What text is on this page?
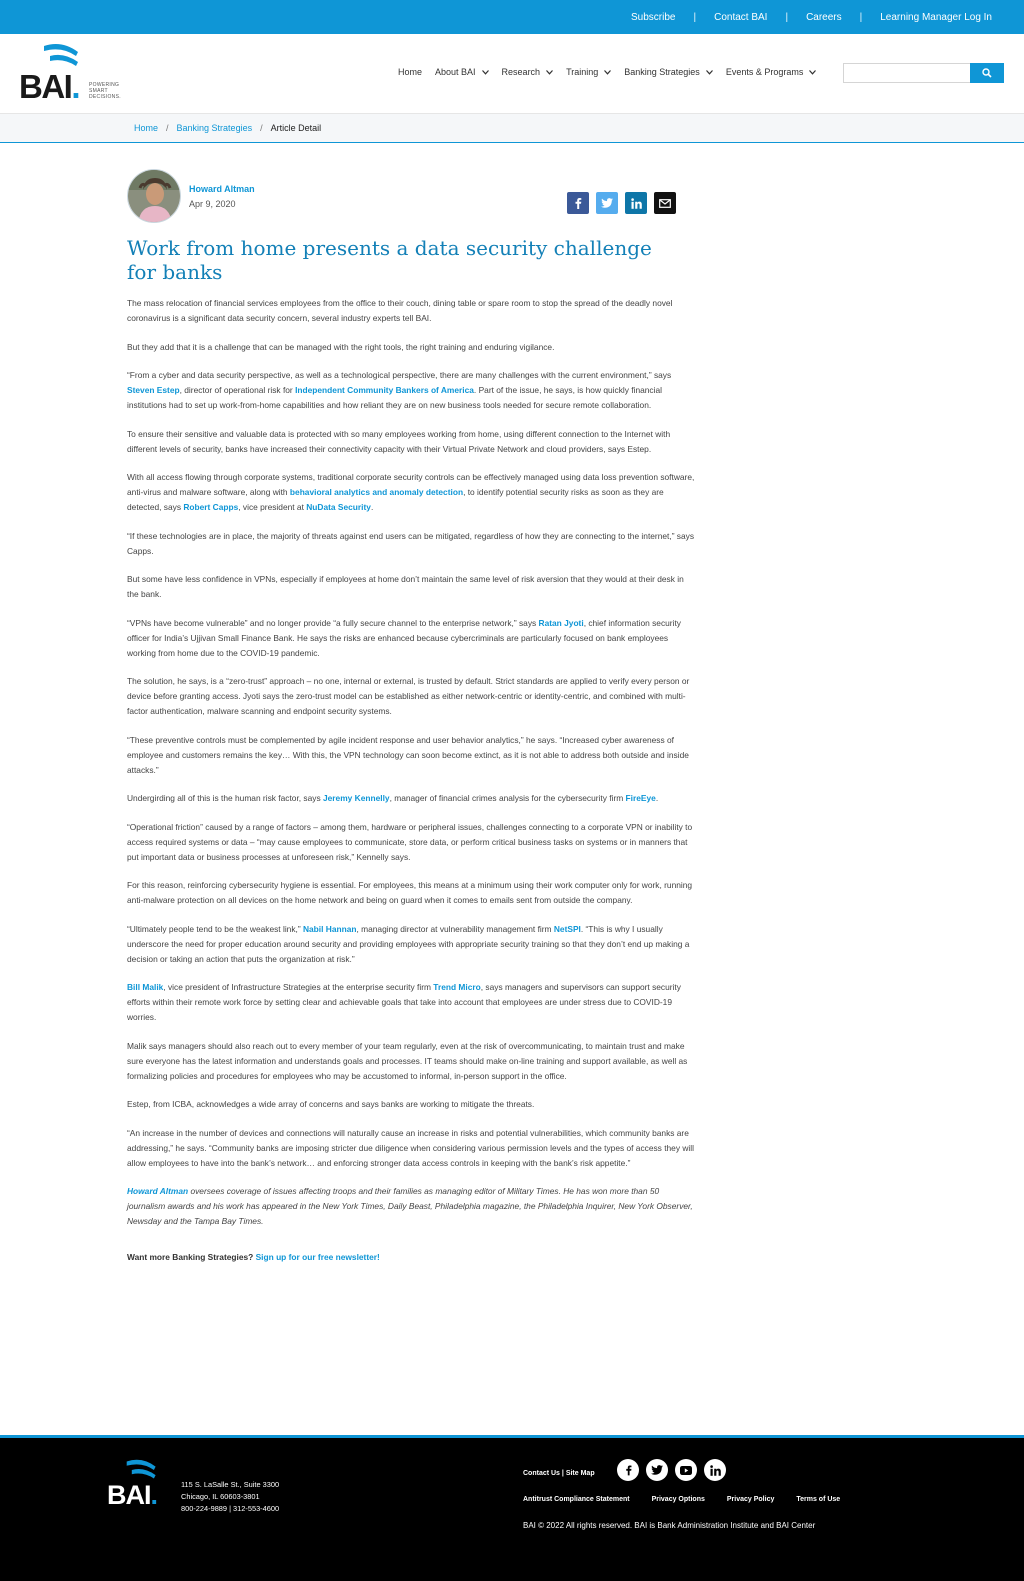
Subscribe | Contact BAI | Careers | Learning Manager Log In
BAI. POWERING
SMART
DECISIONS.
Home About BAI	Research	Training	Banking Strategies	Events & Programs
Home / Banking Strategies / Article Detail
Howard Altman
Apr 9, 2020
Work from home presents a data security challenge for banks

The mass relocation of financial services employees from the office to their couch, dining table or spare room to stop the spread of the deadly novel coronavirus is a significant data security concern, several industry experts tell BAI.

But they add that it is a challenge that can be managed with the right tools, the right training and enduring vigilance.

“From a cyber and data security perspective, as well as a technological perspective, there are many challenges with the current environment,” says Steven Estep, director of operational risk for Independent Community Bankers of America. Part of the issue, he says, is how quickly financial institutions had to set up work-from-home capabilities and how reliant they are on new business tools needed for secure remote collaboration.

To ensure their sensitive and valuable data is protected with so many employees working from home, using different connection to the Internet with different levels of security, banks have increased their connectivity capacity with their Virtual Private Network and cloud providers, says Estep.

With all access flowing through corporate systems, traditional corporate security controls can be effectively managed using data loss prevention software, anti-virus and malware software, along with behavioral analytics and anomaly detection, to identify potential security risks as soon as they are detected, says Robert Capps, vice president at NuData Security.

“If these technologies are in place, the majority of threats against end users can be mitigated, regardless of how they are connecting to the internet,” says Capps.

But some have less confidence in VPNs, especially if employees at home don’t maintain the same level of risk aversion that they would at their desk in the bank.

“VPNs have become vulnerable” and no longer provide “a fully secure channel to the enterprise network,” says Ratan Jyoti, chief information security officer for India’s Ujjivan Small Finance Bank. He says the risks are enhanced because cybercriminals are particularly focused on bank employees working from home due to the COVID-19 pandemic.

The solution, he says, is a “zero-trust” approach – no one, internal or external, is trusted by default. Strict standards are applied to verify every person or device before granting access. Jyoti says the zero-trust model can be established as either network-centric or identity-centric, and combined with multi-factor authentication, malware scanning and endpoint security systems.

“These preventive controls must be complemented by agile incident response and user behavior analytics,” he says. “Increased cyber awareness of employee and customers remains the key… With this, the VPN technology can soon become extinct, as it is not able to address both outside and inside attacks.”

Undergirding all of this is the human risk factor, says Jeremy Kennelly, manager of financial crimes analysis for the cybersecurity firm FireEye.

“Operational friction” caused by a range of factors – among them, hardware or peripheral issues, challenges connecting to a corporate VPN or inability to access required systems or data – “may cause employees to communicate, store data, or perform critical business tasks on systems or in manners that put important data or business processes at unforeseen risk,” Kennelly says.

For this reason, reinforcing cybersecurity hygiene is essential. For employees, this means at a minimum using their work computer only for work, running anti-malware protection on all devices on the home network and being on guard when it comes to emails sent from outside the company.

“Ultimately people tend to be the weakest link,” Nabil Hannan, managing director at vulnerability management firm NetSPI. “This is why I usually underscore the need for proper education around security and providing employees with appropriate security training so that they don’t end up making a decision or taking an action that puts the organization at risk.”

Bill Malik, vice president of Infrastructure Strategies at the enterprise security firm Trend Micro, says managers and supervisors can support security efforts within their remote work force by setting clear and achievable goals that take into account that employees are under stress due to COVID-19 worries.

Malik says managers should also reach out to every member of your team regularly, even at the risk of overcommunicating, to maintain trust and make sure everyone has the latest information and understands goals and processes. IT teams should make on-line training and support available, as well as formalizing policies and procedures for employees who may be accustomed to informal, in-person support in the office.

Estep, from ICBA, acknowledges a wide array of concerns and says banks are working to mitigate the threats.

“An increase in the number of devices and connections will naturally cause an increase in risks and potential vulnerabilities, which community banks are addressing,” he says. “Community banks are imposing stricter due diligence when considering various permission levels and the types of access they will allow employees to have into the bank’s network… and enforcing stronger data access controls in keeping with the bank’s risk appetite.”

Howard Altman oversees coverage of issues affecting troops and their families as managing editor of Military Times. He has won more than 50 journalism awards and his work has appeared in the New York Times, Daily Beast, Philadelphia magazine, the Philadelphia Inquirer, New York Observer, Newsday and the Tampa Bay Times.

Want more Banking Strategies? Sign up for our free newsletter!
BAI.	115 S. LaSalle St., Suite 3300
Chicago, IL 60603-3801
800-224-9889 | 312-553-4600
Contact Us | Site Map
Antitrust Compliance Statement	Privacy Options	Privacy Policy	Terms of Use
BAI © 2022 All rights reserved. BAI is Bank Administration Institute and BAI Center
